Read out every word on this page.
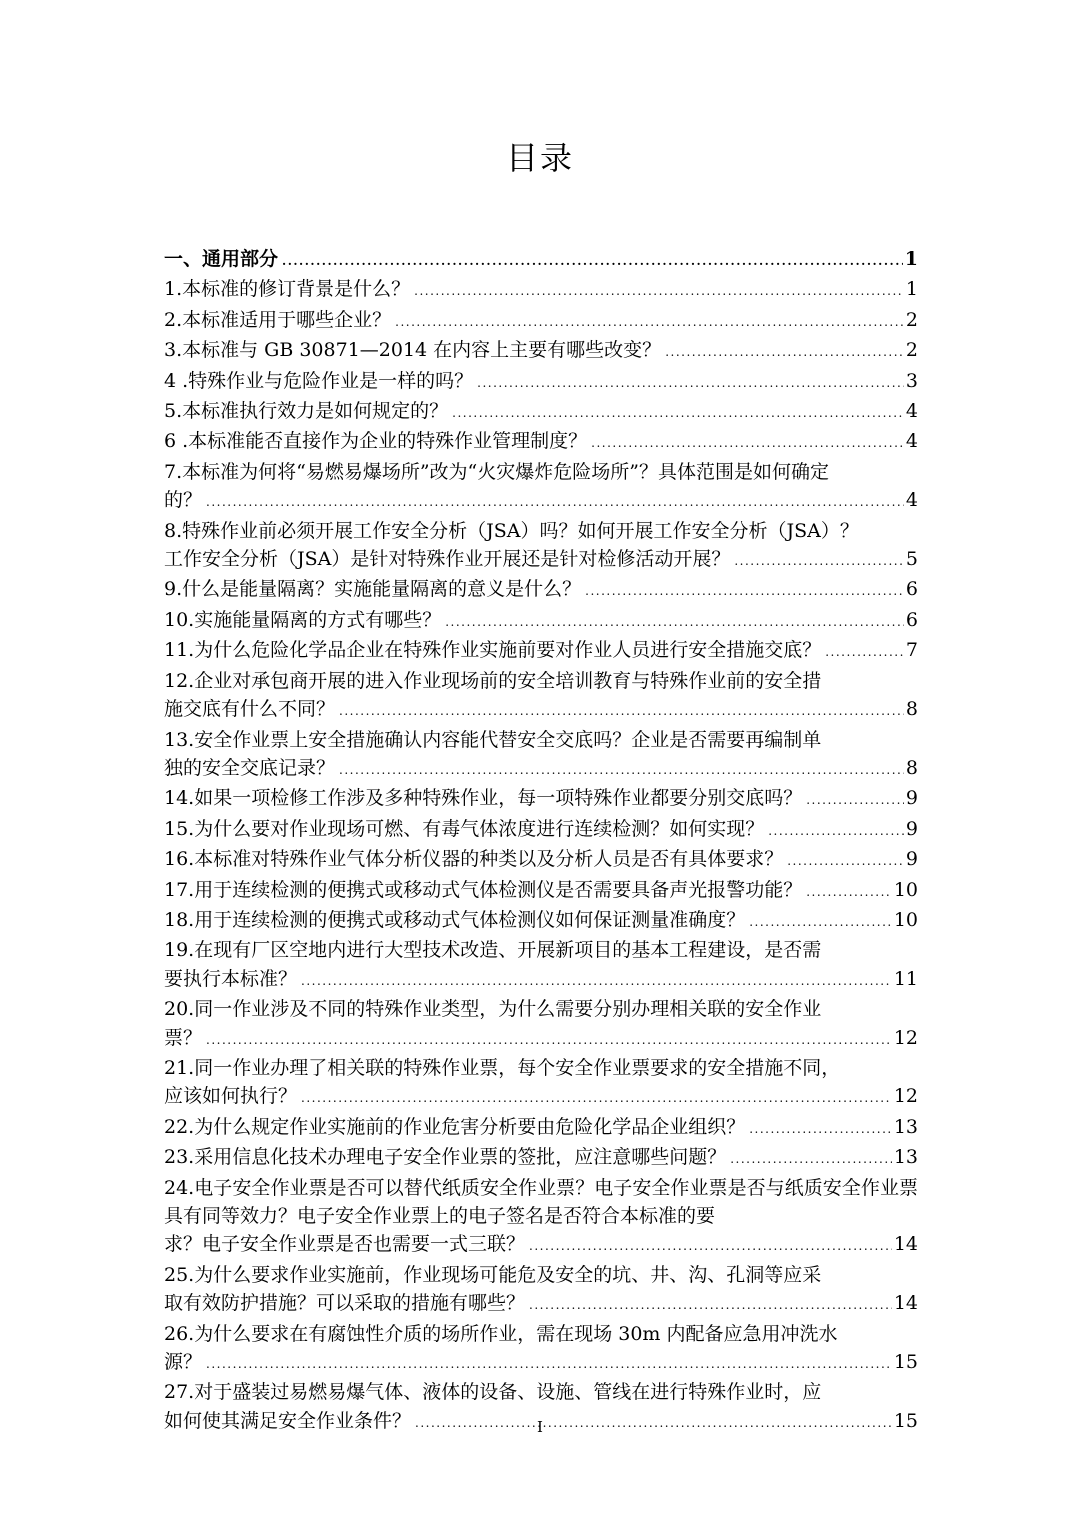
目录
一、通用部分 .....	1
1.本标准的修订背景是什么？ .....	1
2.本标准适用于哪些企业？ .....	2
3.本标准与 GB 30871—2014 在内容上主要有哪些改变？ .....	2
4 .特殊作业与危险作业是一样的吗？ .....	3
5.本标准执行效力是如何规定的？ .....	4
6 .本标准能否直接作为企业的特殊作业管理制度？ .....	4
7.本标准为何将“易燃易爆场所”改为“火灾爆炸危险场所”？具体范围是如何确定
的？ .....	4
8.特殊作业前必须开展工作安全分析（JSA）吗？如何开展工作安全分析（JSA）？
工作安全分析（JSA）是针对特殊作业开展还是针对检修活动开展？ .....	5
9.什么是能量隔离？实施能量隔离的意义是什么？ .....	6
10.实施能量隔离的方式有哪些？ .....	6
11.为什么危险化学品企业在特殊作业实施前要对作业人员进行安全措施交底？ .....	7
12.企业对承包商开展的进入作业现场前的安全培训教育与特殊作业前的安全措
施交底有什么不同？ .....	8
13.安全作业票上安全措施确认内容能代替安全交底吗？企业是否需要再编制单
独的安全交底记录？ .....	8
14.如果一项检修工作涉及多种特殊作业，每一项特殊作业都要分别交底吗？ .....	9
15.为什么要对作业现场可燃、有毒气体浓度进行连续检测？如何实现？ .....	9
16.本标准对特殊作业气体分析仪器的种类以及分析人员是否有具体要求？ .....	9
17.用于连续检测的便携式或移动式气体检测仪是否需要具备声光报警功能？ .....	10
18.用于连续检测的便携式或移动式气体检测仪如何保证测量准确度？ .....	10
19.在现有厂区空地内进行大型技术改造、开展新项目的基本工程建设，是否需
要执行本标准？ .....	11
20.同一作业涉及不同的特殊作业类型，为什么需要分别办理相关联的安全作业
票？ .....	12
21.同一作业办理了相关联的特殊作业票，每个安全作业票要求的安全措施不同，
应该如何执行？ .....	12
22.为什么规定作业实施前的作业危害分析要由危险化学品企业组织？ .....	13
23.采用信息化技术办理电子安全作业票的签批，应注意哪些问题？ .....	13
24.电子安全作业票是否可以替代纸质安全作业票？电子安全作业票是否与纸质安全作业票具有同等效力？电子安全作业票上的电子签名是否符合本标准的要
求？电子安全作业票是否也需要一式三联？ .....	14
25.为什么要求作业实施前，作业现场可能危及安全的坑、井、沟、孔洞等应采
取有效防护措施？可以采取的措施有哪些？ .....	14
26.为什么要求在有腐蚀性介质的场所作业，需在现场 30m 内配备应急用冲洗水
源？ .....	15
27.对于盛装过易燃易爆气体、液体的设备、设施、管线在进行特殊作业时，应
如何使其满足安全作业条件？ .....	15
I
